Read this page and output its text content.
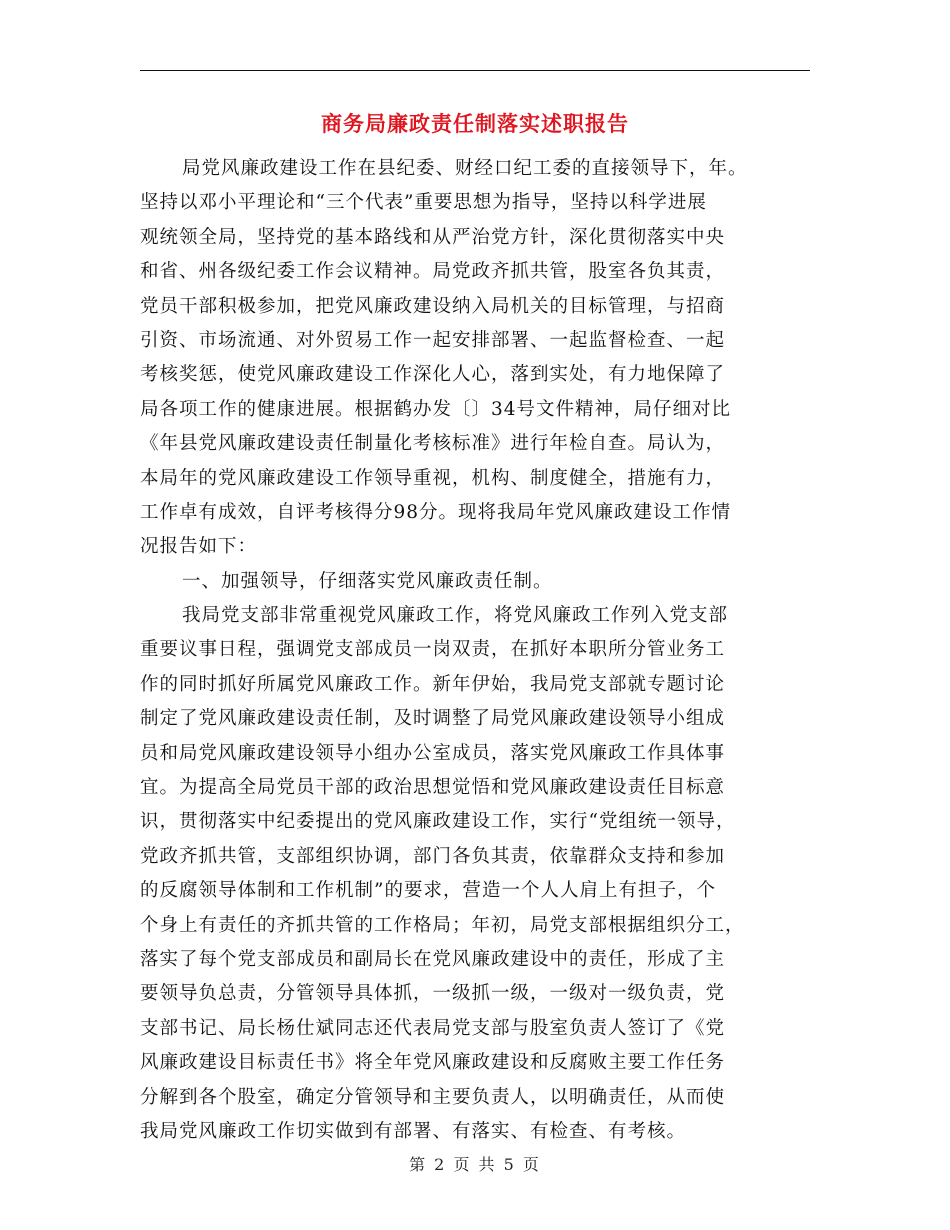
商务局廉政责任制落实述职报告
局党风廉政建设工作在县纪委、财经口纪工委的直接领导下，年。
坚持以邓小平理论和“三个代表”重要思想为指导，坚持以科学进展
观统领全局，坚持党的基本路线和从严治党方针，深化贯彻落实中央
和省、州各级纪委工作会议精神。局党政齐抓共管，股室各负其责，
党员干部积极参加，把党风廉政建设纳入局机关的目标管理，与招商
引资、市场流通、对外贸易工作一起安排部署、一起监督检查、一起
考核奖惩，使党风廉政建设工作深化人心，落到实处，有力地保障了
局各项工作的健康进展。根据鹤办发〔〕34号文件精神，局仔细对比
《年县党风廉政建设责任制量化考核标准》进行年检自查。局认为，
本局年的党风廉政建设工作领导重视，机构、制度健全，措施有力，
工作卓有成效，自评考核得分98分。现将我局年党风廉政建设工作情
况报告如下：
一、加强领导，仔细落实党风廉政责任制。
我局党支部非常重视党风廉政工作，将党风廉政工作列入党支部
重要议事日程，强调党支部成员一岗双责，在抓好本职所分管业务工
作的同时抓好所属党风廉政工作。新年伊始，我局党支部就专题讨论
制定了党风廉政建设责任制，及时调整了局党风廉政建设领导小组成
员和局党风廉政建设领导小组办公室成员，落实党风廉政工作具体事
宜。为提高全局党员干部的政治思想觉悟和党风廉政建设责任目标意
识，贯彻落实中纪委提出的党风廉政建设工作，实行“党组统一领导，
党政齐抓共管，支部组织协调，部门各负其责，依靠群众支持和参加
的反腐领导体制和工作机制”的要求，营造一个人人肩上有担子，个
个身上有责任的齐抓共管的工作格局；年初，局党支部根据组织分工，
落实了每个党支部成员和副局长在党风廉政建设中的责任，形成了主
要领导负总责，分管领导具体抓，一级抓一级，一级对一级负责，党
支部书记、局长杨仕斌同志还代表局党支部与股室负责人签订了《党
风廉政建设目标责任书》将全年党风廉政建设和反腐败主要工作任务
分解到各个股室，确定分管领导和主要负责人，以明确责任，从而使
我局党风廉政工作切实做到有部署、有落实、有检查、有考核。
第 2 页 共 5 页
